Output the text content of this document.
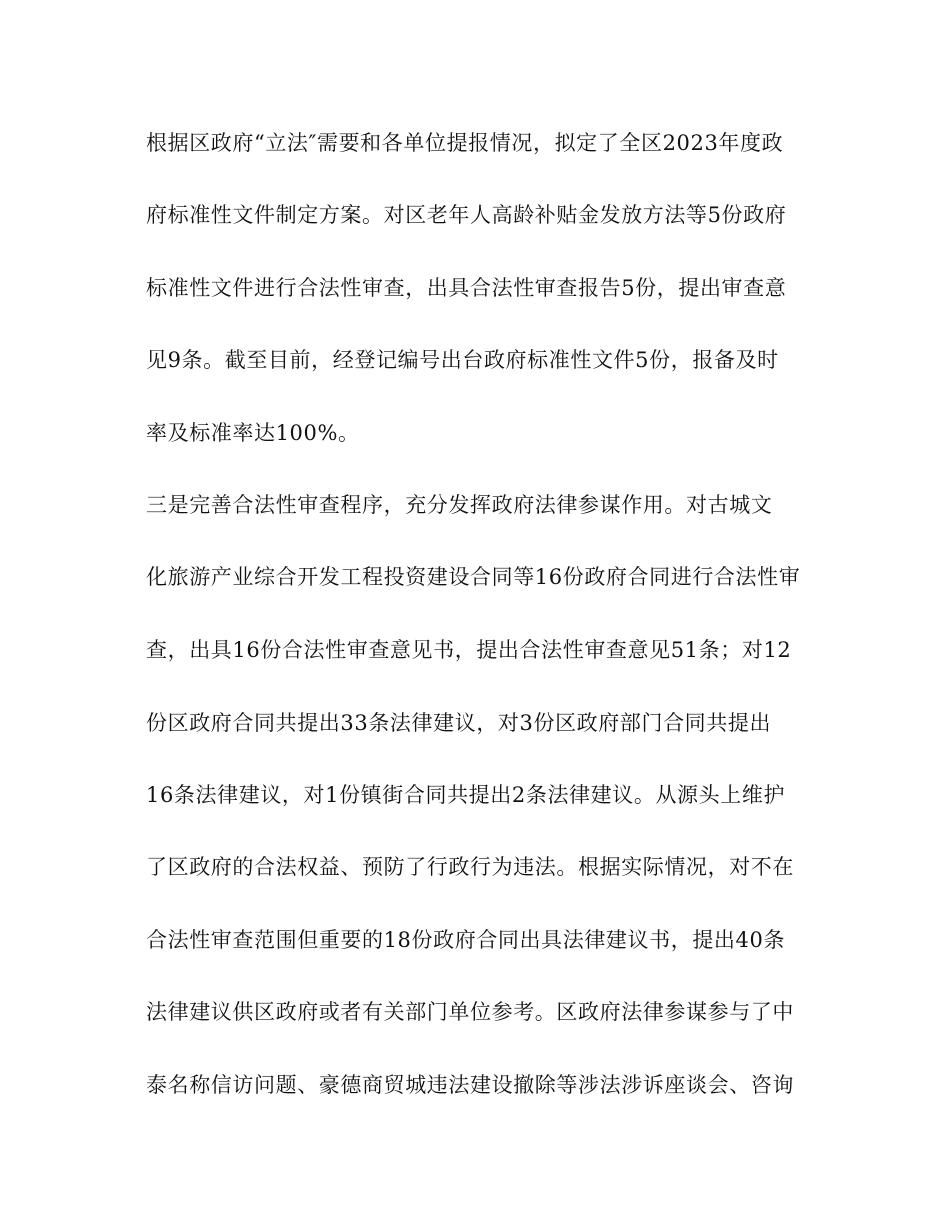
根据区政府“立法″需要和各单位提报情况，拟定了全区2023年度政
府标准性文件制定方案。对区老年人高龄补贴金发放方法等5份政府
标准性文件进行合法性审查，出具合法性审查报告5份，提出审查意
见9条。截至目前，经登记编号出台政府标准性文件5份，报备及时
率及标准率达100%。
三是完善合法性审查程序，充分发挥政府法律参谋作用。对古城文
化旅游产业综合开发工程投资建设合同等16份政府合同进行合法性审
查，出具16份合法性审查意见书，提出合法性审查意见51条；对12
份区政府合同共提出33条法律建议，对3份区政府部门合同共提出
16条法律建议，对1份镇街合同共提出2条法律建议。从源头上维护
了区政府的合法权益、预防了行政行为违法。根据实际情况，对不在
合法性审查范围但重要的18份政府合同出具法律建议书，提出40条
法律建议供区政府或者有关部门单位参考。区政府法律参谋参与了中
泰名称信访问题、豪德商贸城违法建设撤除等涉法涉诉座谈会、咨询
